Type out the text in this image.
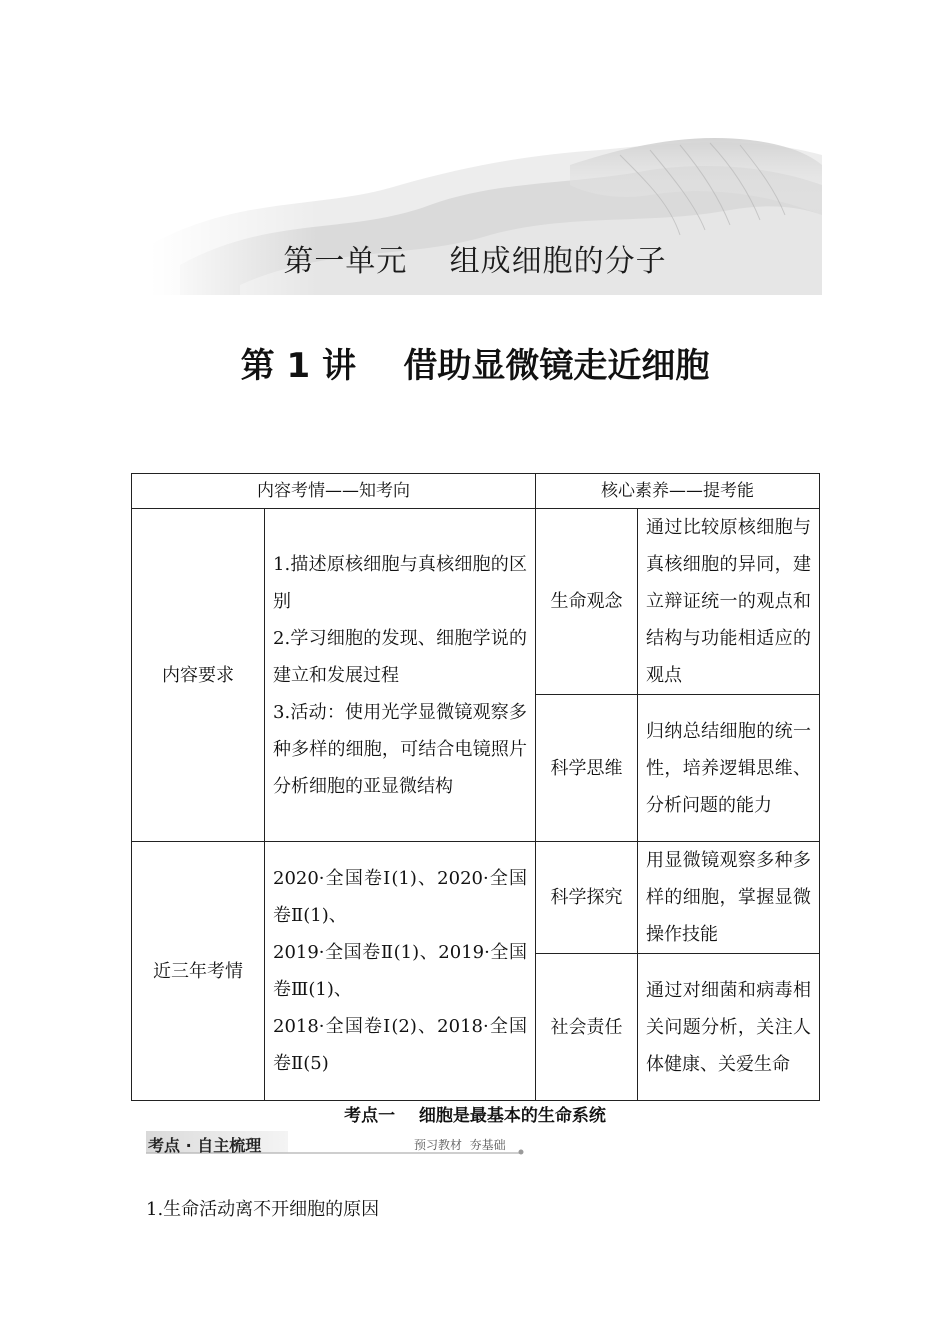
第一单元    组成细胞的分子
第 1 讲    借助显微镜走近细胞
内容考情——知考向		核心素养——提考能	
内容要求	1.描述原核细胞与真核细胞的区别
2.学习细胞的发现、细胞学说的建立和发展过程
3.活动：使用光学显微镜观察多种多样的细胞，可结合电镜照片分析细胞的亚显微结构	生命观念	通过比较原核细胞与真核细胞的异同，建立辩证统一的观点和结构与功能相适应的观点
		科学思维	归纳总结细胞的统一性，培养逻辑思维、分析问题的能力
近三年考情	2020·全国卷Ⅰ(1)、2020·全国卷Ⅱ(1)、
2019·全国卷Ⅱ(1)、2019·全国卷Ⅲ(1)、
2018·全国卷Ⅰ(2)、2018·全国卷Ⅱ(5)	科学探究	用显微镜观察多种多样的细胞，掌握显微操作技能
		社会责任	通过对细菌和病毒相关问题分析，关注人体健康、关爱生命
考点一    细胞是最基本的生命系统
考点 · 自主梳理	预习教材  夯基础
1.生命活动离不开细胞的原因
